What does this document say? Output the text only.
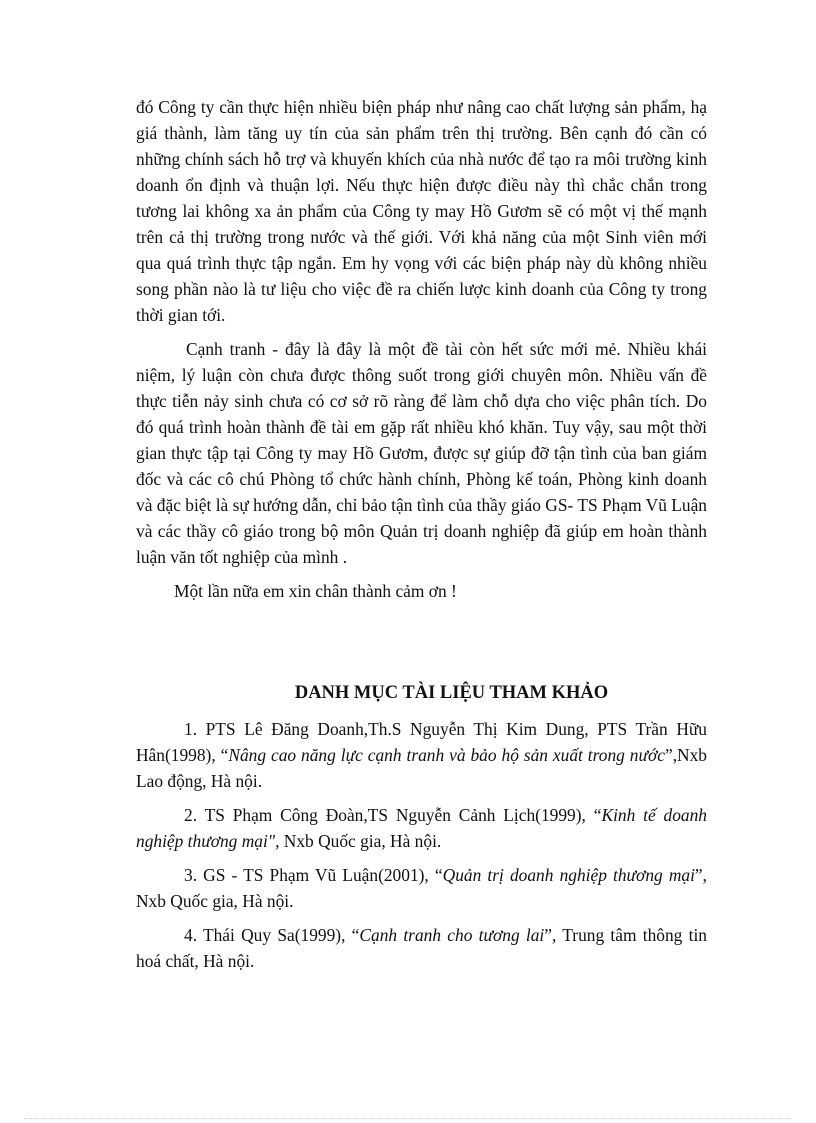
đó Công ty cần thực hiện nhiều biện pháp như nâng cao chất lượng sản phẩm, hạ giá thành, làm tăng uy tín của sản phẩm trên thị trường. Bên cạnh đó cần có những chính sách hỗ trợ và khuyến khích của nhà nước để tạo ra môi trường kinh doanh ổn định và thuận lợi. Nếu thực hiện được điều này thì chắc chắn trong tương lai không xa ản phẩm của Công ty may Hồ Gươm sẽ có một vị thế mạnh trên cả thị trường trong nước và thế giới. Với khả năng của một Sinh viên mới qua quá trình thực tập ngắn. Em hy vọng với các biện pháp này dù không nhiều song phần nào là tư liệu cho việc đề ra chiến lược kinh doanh của Công ty trong thời gian tới.

Cạnh tranh - đây là đây là một đề tài còn hết sức mới mẻ. Nhiều khái niệm, lý luận còn chưa được thông suốt trong giới chuyên môn. Nhiều vấn đề thực tiễn nảy sinh chưa có cơ sở rõ ràng để làm chỗ dựa cho việc phân tích. Do đó quá trình hoàn thành đề tài em gặp rất nhiều khó khăn. Tuy vậy, sau một thời gian thực tập tại Công ty may Hồ Gươm, được sự giúp đỡ tận tình của ban giám đốc và các cô chú Phòng tổ chức hành chính, Phòng kế toán, Phòng kinh doanh và đặc biệt là sự hướng dẫn, chỉ bảo tận tình của thầy giáo GS- TS Phạm Vũ Luận và các thầy cô giáo trong bộ môn Quản trị doanh nghiệp đã giúp em hoàn thành luận văn tốt nghiệp của mình .

Một lần nữa em xin chân thành cảm ơn !

DANH MỤC TÀI LIỆU THAM KHẢO

1. PTS Lê Đăng Doanh,Th.S Nguyễn Thị Kim Dung, PTS Trần Hữu Hân(1998), “Nâng cao năng lực cạnh tranh và bảo hộ sản xuất trong nước”,Nxb Lao động, Hà nội.

2. TS Phạm Công Đoàn,TS Nguyễn Cảnh Lịch(1999), “Kinh tế doanh nghiệp thương mại", Nxb Quốc gia, Hà nội.

3. GS - TS Phạm Vũ Luận(2001), “Quản trị doanh nghiệp thương mại”, Nxb Quốc gia, Hà nội.

4. Thái Quy Sa(1999), “Cạnh tranh cho tương lai”, Trung tâm thông tin hoá chất, Hà nội.
